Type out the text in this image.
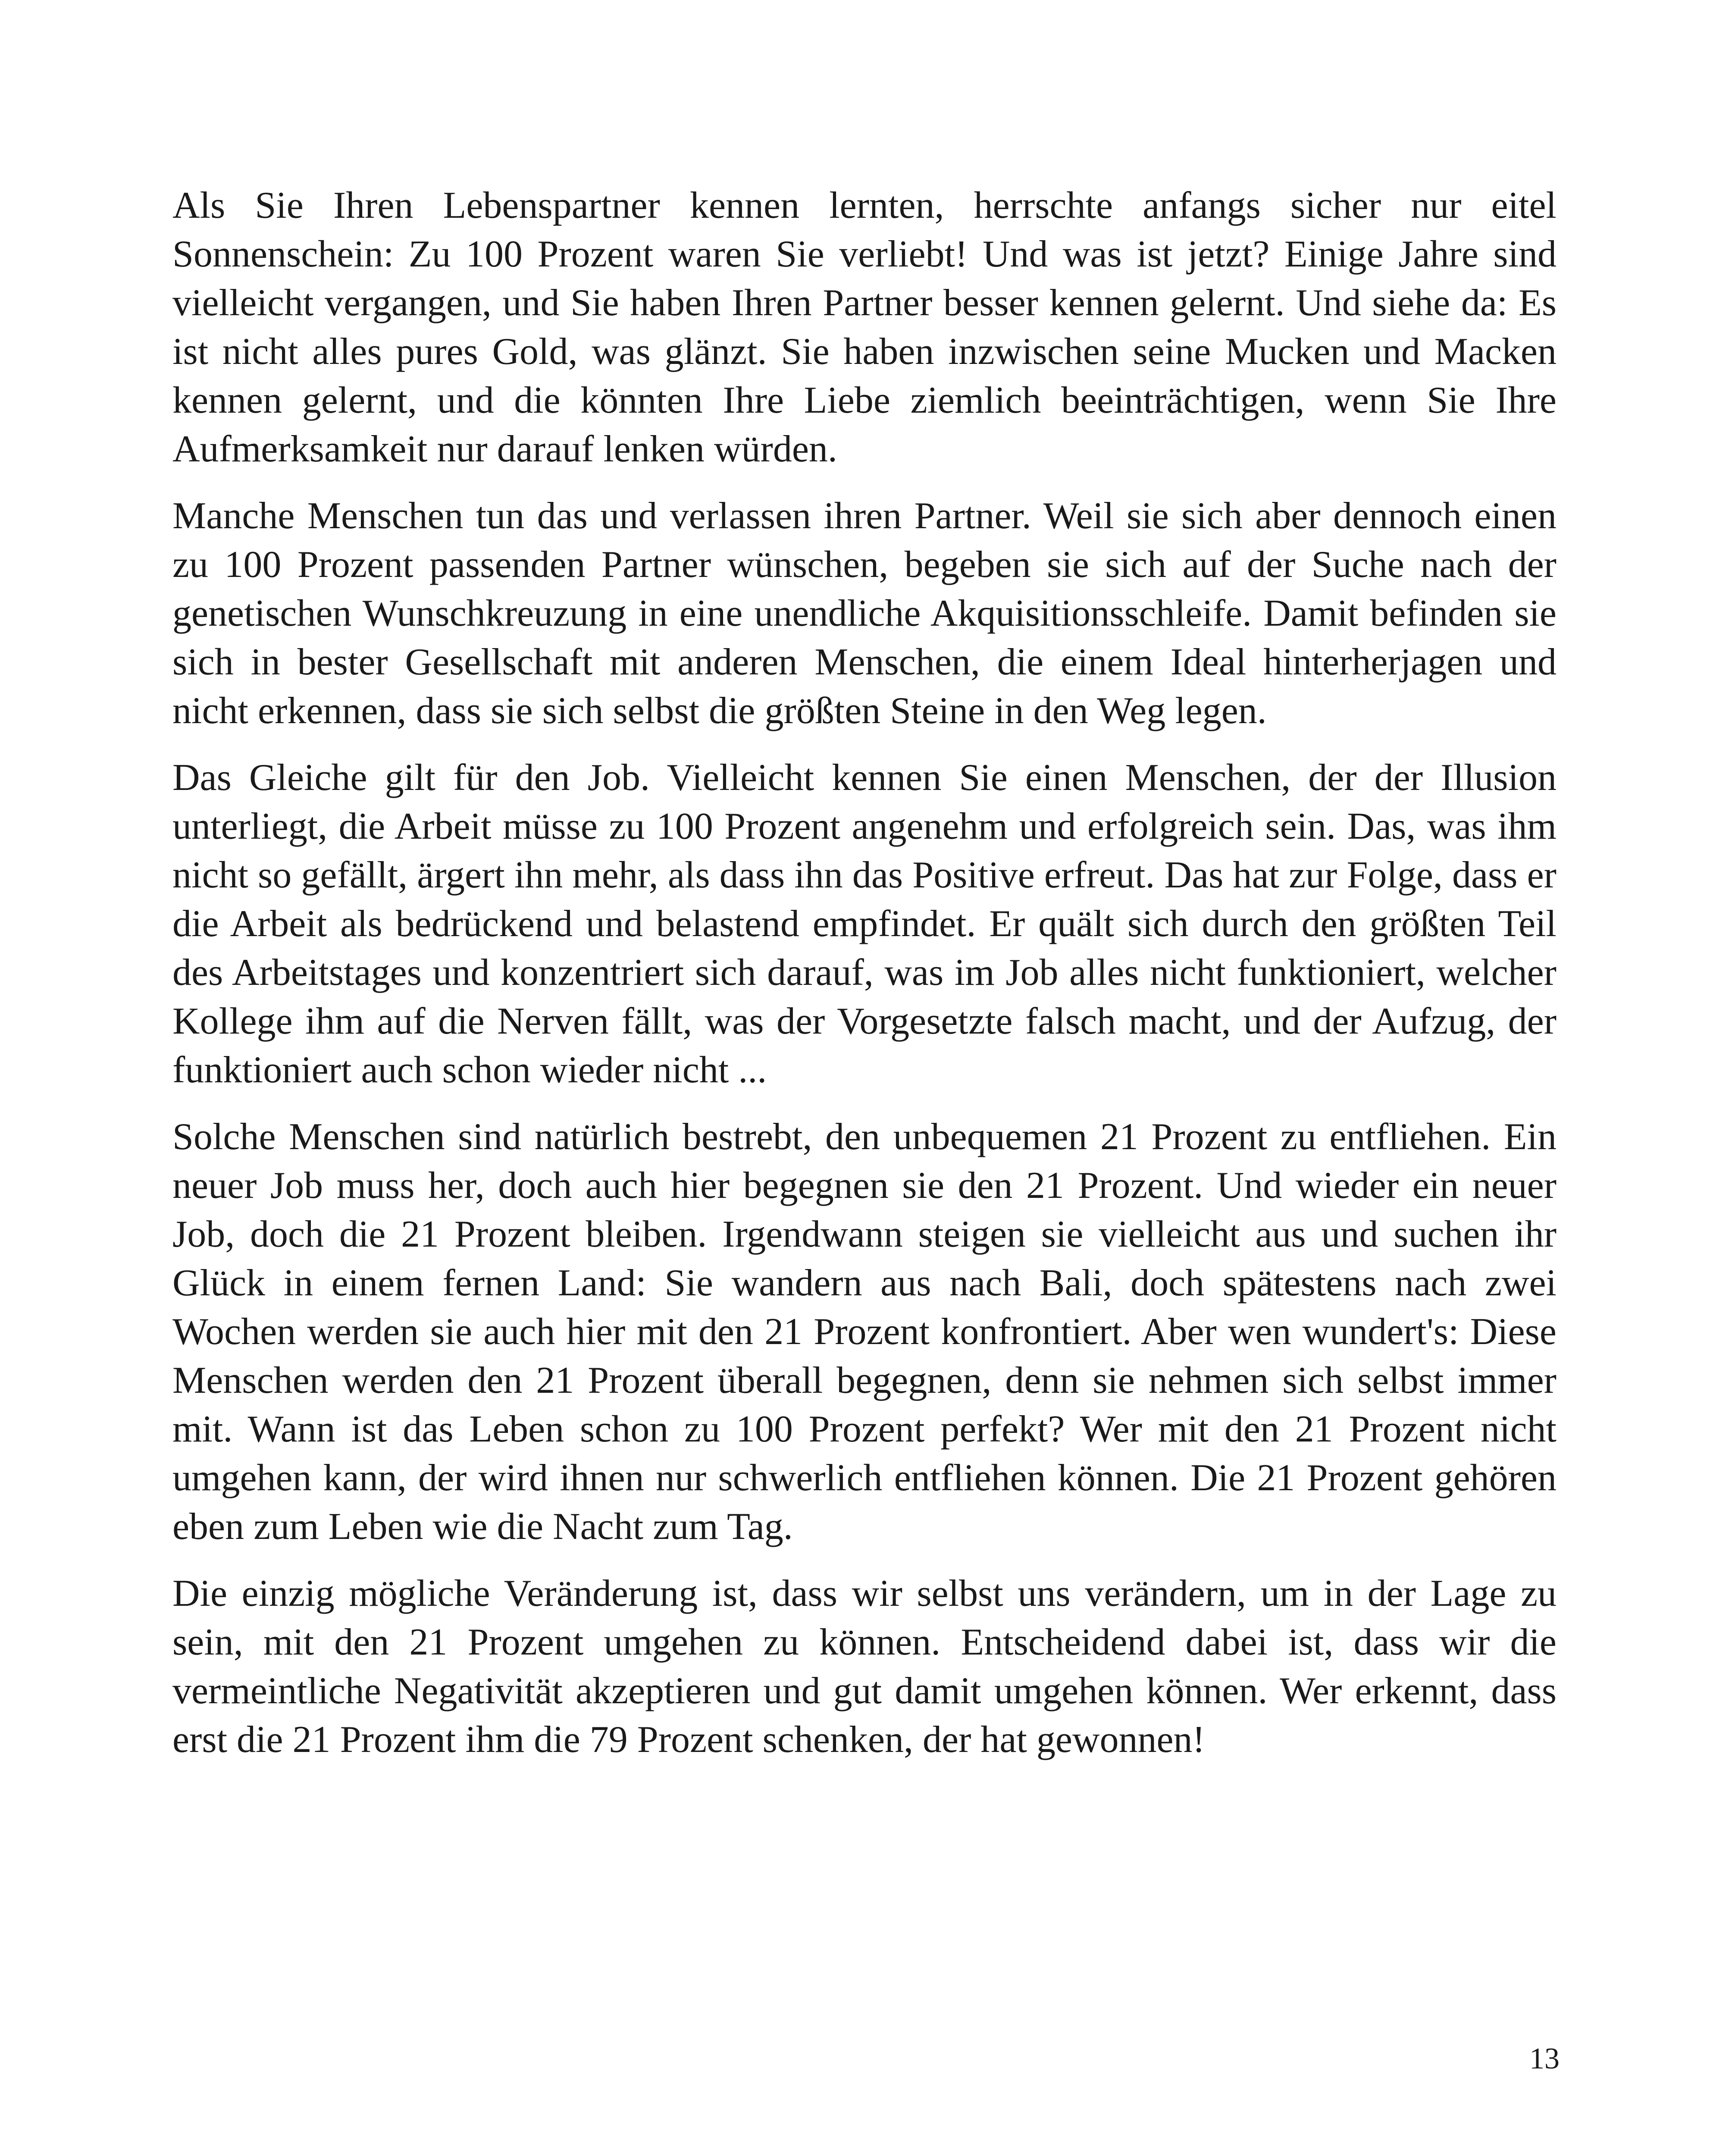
Als Sie Ihren Lebenspartner kennen lernten, herrschte anfangs sicher nur eitel Sonnenschein: Zu 100 Prozent waren Sie verliebt! Und was ist jetzt? Einige Jahre sind vielleicht vergangen, und Sie haben Ihren Partner besser kennen gelernt. Und siehe da: Es ist nicht alles pures Gold, was glänzt. Sie haben inzwischen seine Mucken und Macken kennen gelernt, und die könnten Ihre Liebe ziemlich beeinträchtigen, wenn Sie Ihre Aufmerksamkeit nur darauf lenken würden.

Manche Menschen tun das und verlassen ihren Partner. Weil sie sich aber dennoch einen zu 100 Prozent passenden Partner wünschen, begeben sie sich auf der Suche nach der genetischen Wunschkreuzung in eine unendliche Akquisitionsschleife. Damit befinden sie sich in bester Gesellschaft mit anderen Menschen, die einem Ideal hinterherjagen und nicht erkennen, dass sie sich selbst die größten Steine in den Weg legen.

Das Gleiche gilt für den Job. Vielleicht kennen Sie einen Menschen, der der Illusion unterliegt, die Arbeit müsse zu 100 Prozent angenehm und erfolgreich sein. Das, was ihm nicht so gefällt, ärgert ihn mehr, als dass ihn das Positive erfreut. Das hat zur Folge, dass er die Arbeit als bedrückend und belastend empfindet. Er quält sich durch den größten Teil des Arbeitstages und konzentriert sich darauf, was im Job alles nicht funktioniert, welcher Kollege ihm auf die Nerven fällt, was der Vorgesetzte falsch macht, und der Aufzug, der funktioniert auch schon wieder nicht ...

Solche Menschen sind natürlich bestrebt, den unbequemen 21 Prozent zu entfliehen. Ein neuer Job muss her, doch auch hier begegnen sie den 21 Prozent. Und wieder ein neuer Job, doch die 21 Prozent bleiben. Irgendwann steigen sie vielleicht aus und suchen ihr Glück in einem fernen Land: Sie wandern aus nach Bali, doch spätestens nach zwei Wochen werden sie auch hier mit den 21 Prozent konfrontiert. Aber wen wundert's: Diese Menschen werden den 21 Prozent überall begegnen, denn sie nehmen sich selbst immer mit. Wann ist das Leben schon zu 100 Prozent perfekt? Wer mit den 21 Prozent nicht umgehen kann, der wird ihnen nur schwerlich entfliehen können. Die 21 Prozent gehören eben zum Leben wie die Nacht zum Tag.

Die einzig mögliche Veränderung ist, dass wir selbst uns verändern, um in der Lage zu sein, mit den 21 Prozent umgehen zu können. Entscheidend dabei ist, dass wir die vermeintliche Negativität akzeptieren und gut damit umgehen können. Wer erkennt, dass erst die 21 Prozent ihm die 79 Prozent schenken, der hat gewonnen!

13
